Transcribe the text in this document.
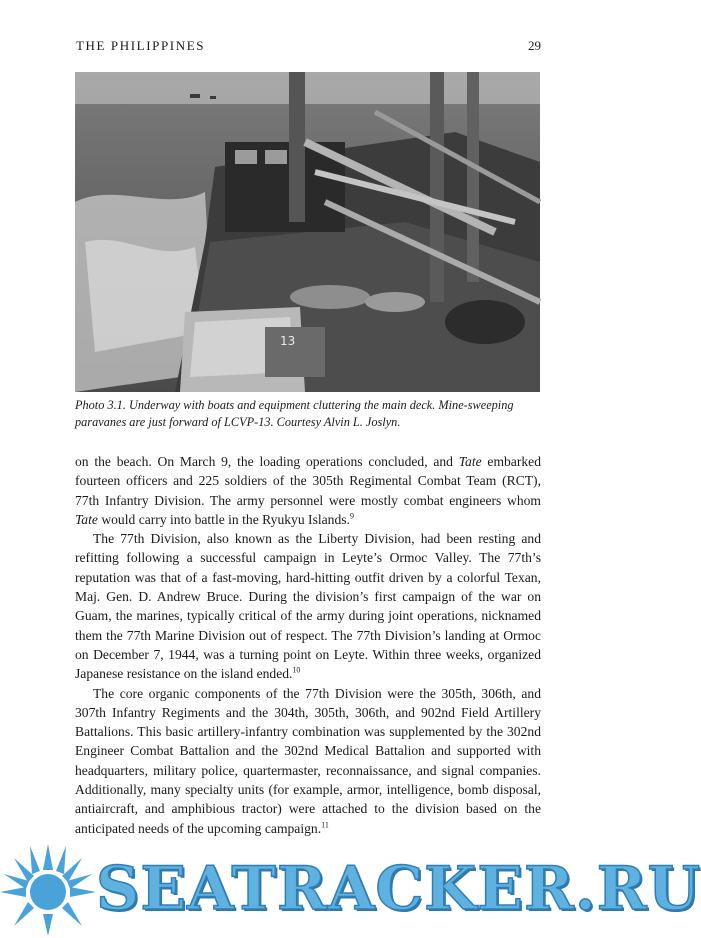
THE PHILIPPINES	29
13
Photo 3.1. Underway with boats and equipment cluttering the main deck. Mine-sweeping
paravanes are just forward of LCVP-13. Courtesy Alvin L. Joslyn.

on the beach. On March 9, the loading operations concluded, and Tate embarked fourteen officers and 225 soldiers of the 305th Regimental Combat Team (RCT), 77th Infantry Division. The army personnel were mostly combat engineers whom Tate would carry into battle in the Ryukyu Islands.$^9$

The 77th Division, also known as the Liberty Division, had been resting and refitting following a successful campaign in Leyte’s Ormoc Valley. The 77th’s reputation was that of a fast-moving, hard-hitting outfit driven by a colorful Texan, Maj. Gen. D. Andrew Bruce. During the division’s first campaign of the war on Guam, the marines, typically critical of the army during joint operations, nicknamed them the 77th Marine Division out of respect. The 77th Division’s landing at Ormoc on December 7, 1944, was a turning point on Leyte. Within three weeks, organized Japanese resistance on the island ended.$^{10}$

The core organic components of the 77th Division were the 305th, 306th, and 307th Infantry Regiments and the 304th, 305th, 306th, and 902nd Field Artillery Battalions. This basic artillery-infantry combination was supplemented by the 302nd Engineer Combat Battalion and the 302nd Medical Battalion and supported with headquarters, military police, quartermaster, reconnaissance, and signal companies. Additionally, many specialty units (for example, armor, intelligence, bomb disposal, antiaircraft, and amphibious tractor) were attached to the division based on the anticipated needs of the upcoming campaign.$^{11}$

SEATRACKER.RU
